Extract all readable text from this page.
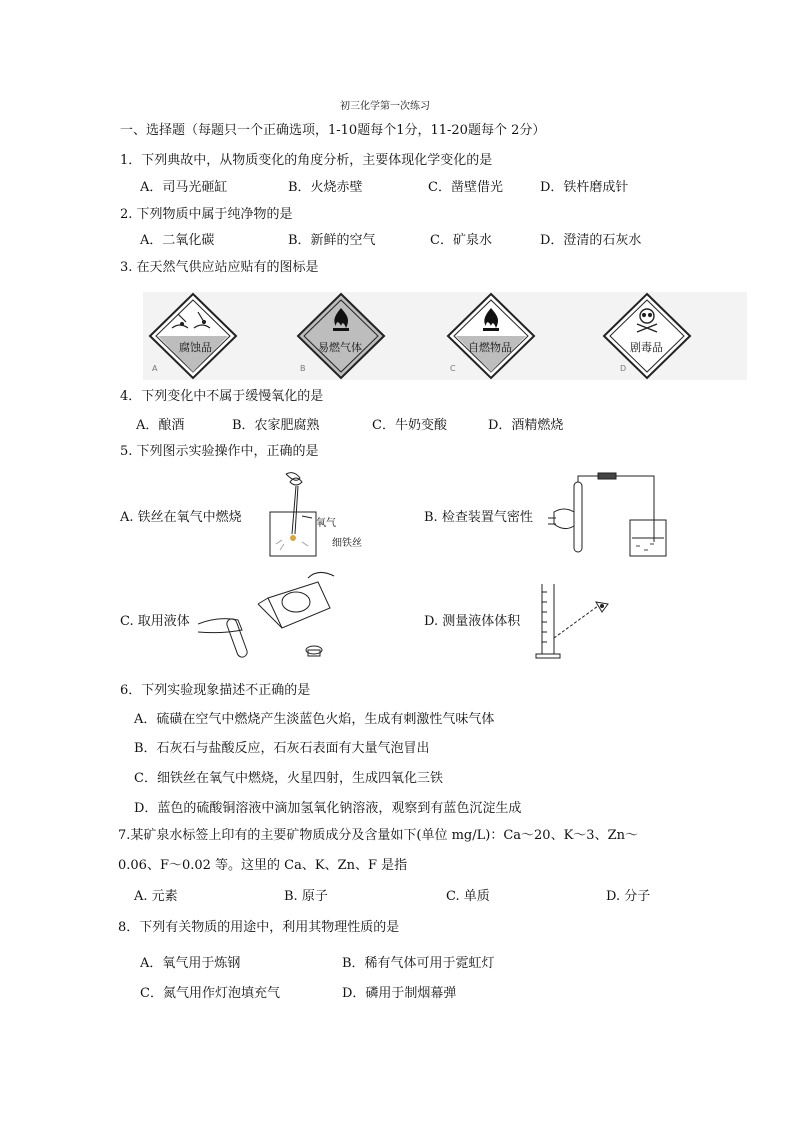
初三化学第一次练习
一、选择题（每题只一个正确选项，1-10题每个1分，11-20题每个 2分）
1．下列典故中，从物质变化的角度分析，主要体现化学变化的是
A．司马光砸缸	B．火烧赤壁	C．凿壁借光	D．铁杵磨成针
2. 下列物质中属于纯净物的是
A．二氧化碳	B．新鲜的空气	C．矿泉水	D．澄清的石灰水
3. 在天然气供应站应贴有的图标是
腐蚀品
A
易燃气体
B
自燃物品
C
剧毒品
D
4．下列变化中不属于缓慢氧化的是
A．酿酒	B．农家肥腐熟	C．牛奶变酸	D．酒精燃烧
5. 下列图示实验操作中，正确的是
A. 铁丝在氧气中燃烧	氧气
细铁丝
B. 检查装置气密性
C. 取用液体	D. 测量液体体积
6．下列实验现象描述不正确的是
A．硫磺在空气中燃烧产生淡蓝色火焰，生成有刺激性气味气体
B．石灰石与盐酸反应，石灰石表面有大量气泡冒出
C．细铁丝在氧气中燃烧，火星四射，生成四氧化三铁
D．蓝色的硫酸铜溶液中滴加氢氧化钠溶液，观察到有蓝色沉淀生成
7.某矿泉水标签上印有的主要矿物质成分及含量如下(单位 mg/L)：Ca～20、K～3、Zn～
0.06、F～0.02 等。这里的 Ca、K、Zn、F 是指
A. 元素	B. 原子	C. 单质	D. 分子
8．下列有关物质的用途中，利用其物理性质的是
A．氧气用于炼钢	B．稀有气体可用于霓虹灯
C．氮气用作灯泡填充气	D．磷用于制烟幕弹
